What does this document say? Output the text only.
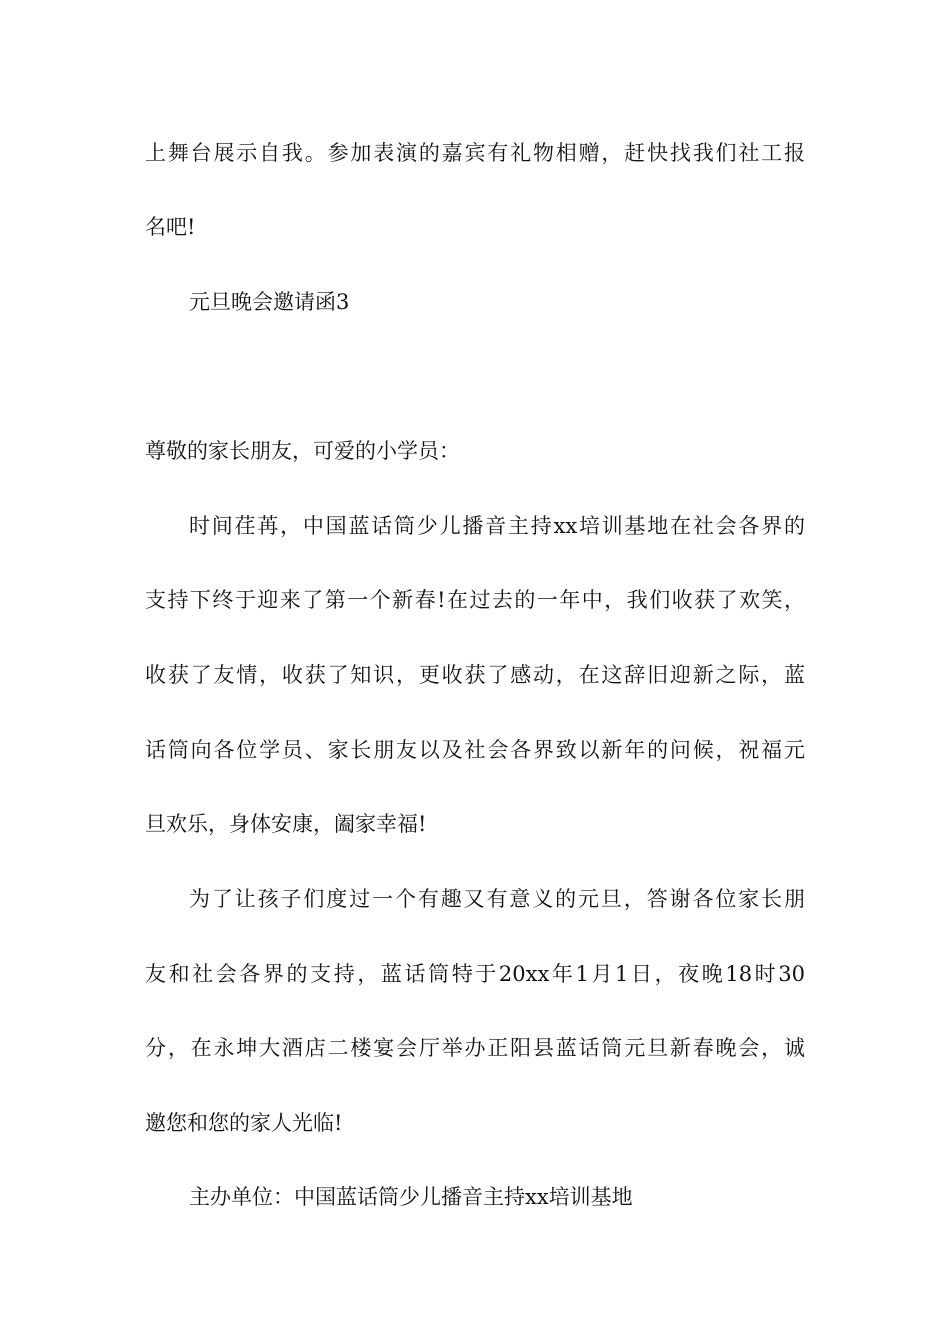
上舞台展示自我。参加表演的嘉宾有礼物相赠，赶快找我们社工报

名吧!

元旦晚会邀请函3

尊敬的家长朋友，可爱的小学员：

时间荏苒，中国蓝话筒少儿播音主持xx培训基地在社会各界的

支持下终于迎来了第一个新春!在过去的一年中，我们收获了欢笑，

收获了友情，收获了知识，更收获了感动，在这辞旧迎新之际，蓝

话筒向各位学员、家长朋友以及社会各界致以新年的问候，祝福元

旦欢乐，身体安康，阖家幸福!

为了让孩子们度过一个有趣又有意义的元旦，答谢各位家长朋

友和社会各界的支持，蓝话筒特于20xx年1月1日，夜晚18时30

分，在永坤大酒店二楼宴会厅举办正阳县蓝话筒元旦新春晚会，诚

邀您和您的家人光临!

主办单位：中国蓝话筒少儿播音主持xx培训基地
